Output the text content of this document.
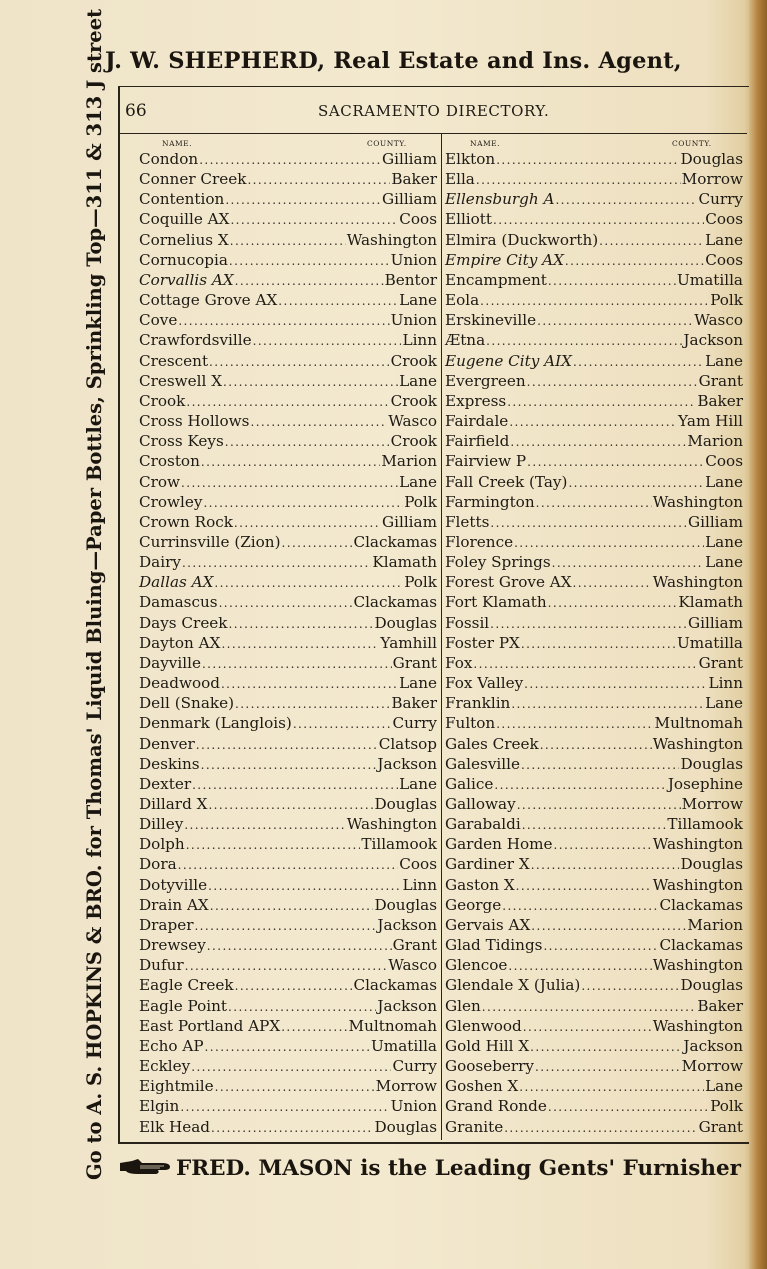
J. W. SHEPHERD, Real Estate and Ins. Agent,
Go to A. S. HOPKINS & BRO. for Thomas' Liquid Bluing—Paper Bottles, Sprinkling Top—311 & 313 J street 66	SACRAMENTO DIRECTORY.
NAME.	COUNTY.	NAME.	COUNTY.
Condon .....	Gilliam
Conner Creek .....	Baker
Contention .....	Gilliam
Coquille AX .....	Coos
Cornelius X .....	Washington
Cornucopia .....	Union
Corvallis AX .....	Bentor
Cottage Grove AX .....	Lane
Cove .....	Union
Crawfordsville .....	Linn
Crescent .....	Crook
Creswell X .....	Lane
Crook .....	Crook
Cross Hollows .....	Wasco
Cross Keys .....	Crook
Croston .....	Marion
Crow .....	Lane
Crowley .....	Polk
Crown Rock .....	Gilliam
Currinsville (Zion) .....	Clackamas
Dairy .....	Klamath
Dallas AX .....	Polk
Damascus .....	Clackamas
Days Creek .....	Douglas
Dayton AX .....	Yamhill
Dayville .....	Grant
Deadwood .....	Lane
Dell (Snake) .....	Baker
Denmark (Langlois) .....	Curry
Denver .....	Clatsop
Deskins .....	Jackson
Dexter .....	Lane
Dillard X .....	Douglas
Dilley .....	Washington
Dolph .....	Tillamook
Dora .....	Coos
Dotyville .....	Linn
Drain AX .....	Douglas
Draper .....	Jackson
Drewsey .....	Grant
Dufur .....	Wasco
Eagle Creek .....	Clackamas
Eagle Point .....	Jackson
East Portland APX .....	Multnomah
Echo AP .....	Umatilla
Eckley .....	Curry
Eightmile .....	Morrow
Elgin .....	Union
Elk Head .....	Douglas
Elkton .....	Douglas
Ella .....	Morrow
Ellensburgh A .....	Curry
Elliott .....	Coos
Elmira (Duckworth) .....	Lane
Empire City AX .....	Coos
Encampment .....	Umatilla
Eola .....	Polk
Erskineville .....	Wasco
Ætna .....	Jackson
Eugene City AIX .....	Lane
Evergreen .....	Grant
Express .....	Baker
Fairdale .....	Yam Hill
Fairfield .....	Marion
Fairview P .....	Coos
Fall Creek (Tay) .....	Lane
Farmington .....	Washington
Fletts .....	Gilliam
Florence .....	Lane
Foley Springs .....	Lane
Forest Grove AX .....	Washington
Fort Klamath .....	Klamath
Fossil .....	Gilliam
Foster PX .....	Umatilla
Fox .....	Grant
Fox Valley .....	Linn
Franklin .....	Lane
Fulton .....	Multnomah
Gales Creek .....	Washington
Galesville .....	Douglas
Galice .....	Josephine
Galloway .....	Morrow
Garabaldi .....	Tillamook
Garden Home .....	Washington
Gardiner X .....	Douglas
Gaston X .....	Washington
George .....	Clackamas
Gervais AX .....	Marion
Glad Tidings .....	Clackamas
Glencoe .....	Washington
Glendale X (Julia) .....	Douglas
Glen .....	Baker
Glenwood .....	Washington
Gold Hill X .....	Jackson
Gooseberry .....	Morrow
Goshen X .....	Lane
Grand Ronde .....	Polk
Granite .....	Grant
FRED. MASON is the Leading Gents' Furnisher
